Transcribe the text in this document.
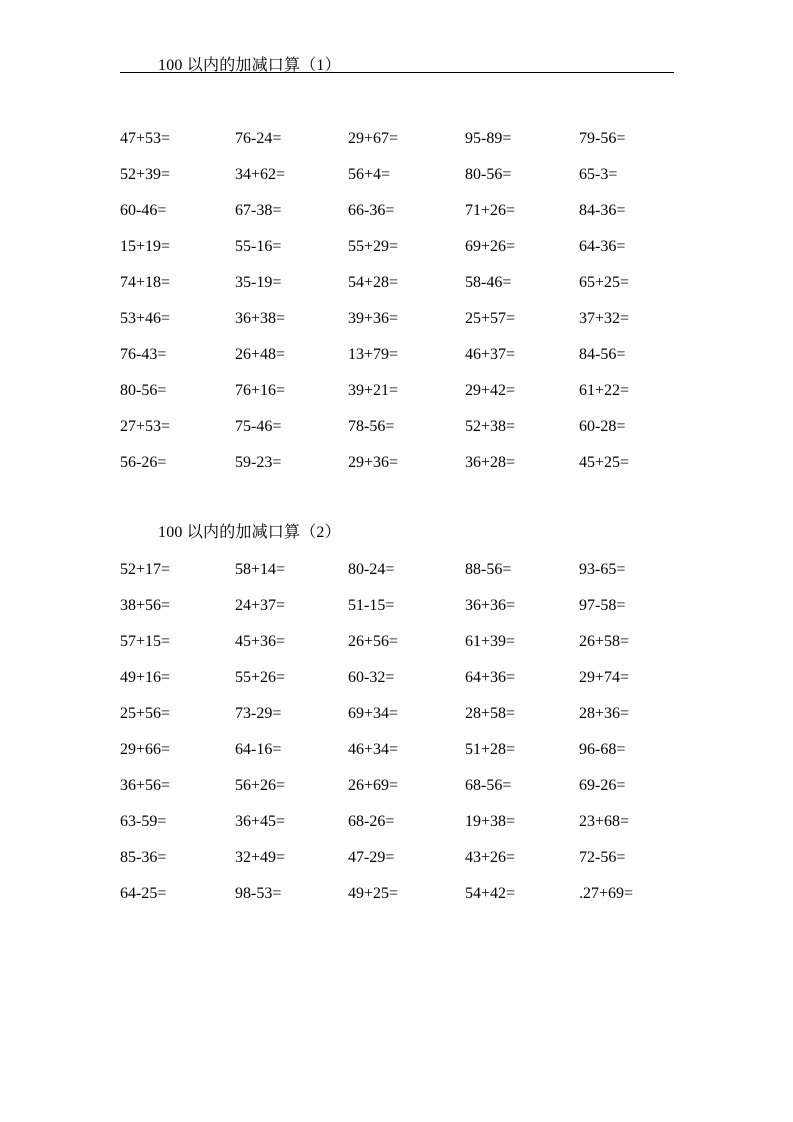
100 以内的加减口算（1）
47+53=	76-24=	29+67=	95-89=	79-56=
52+39=	34+62=	56+4=	80-56=	65-3=
60-46=	67-38=	66-36=	71+26=	84-36=
15+19=	55-16=	55+29=	69+26=	64-36=
74+18=	35-19=	54+28=	58-46=	65+25=
53+46=	36+38=	39+36=	25+57=	37+32=
76-43=	26+48=	13+79=	46+37=	84-56=
80-56=	76+16=	39+21=	29+42=	61+22=
27+53=	75-46=	78-56=	52+38=	60-28=
56-26=	59-23=	29+36=	36+28=	45+25=
100 以内的加减口算（2）
52+17=	58+14=	80-24=	88-56=	93-65=
38+56=	24+37=	51-15=	36+36=	97-58=
57+15=	45+36=	26+56=	61+39=	26+58=
49+16=	55+26=	60-32=	64+36=	29+74=
25+56=	73-29=	69+34=	28+58=	28+36=
29+66=	64-16=	46+34=	51+28=	96-68=
36+56=	56+26=	26+69=	68-56=	69-26=
63-59=	36+45=	68-26=	19+38=	23+68=
85-36=	32+49=	47-29=	43+26=	72-56=
64-25=	98-53=	49+25=	54+42=	.27+69=
